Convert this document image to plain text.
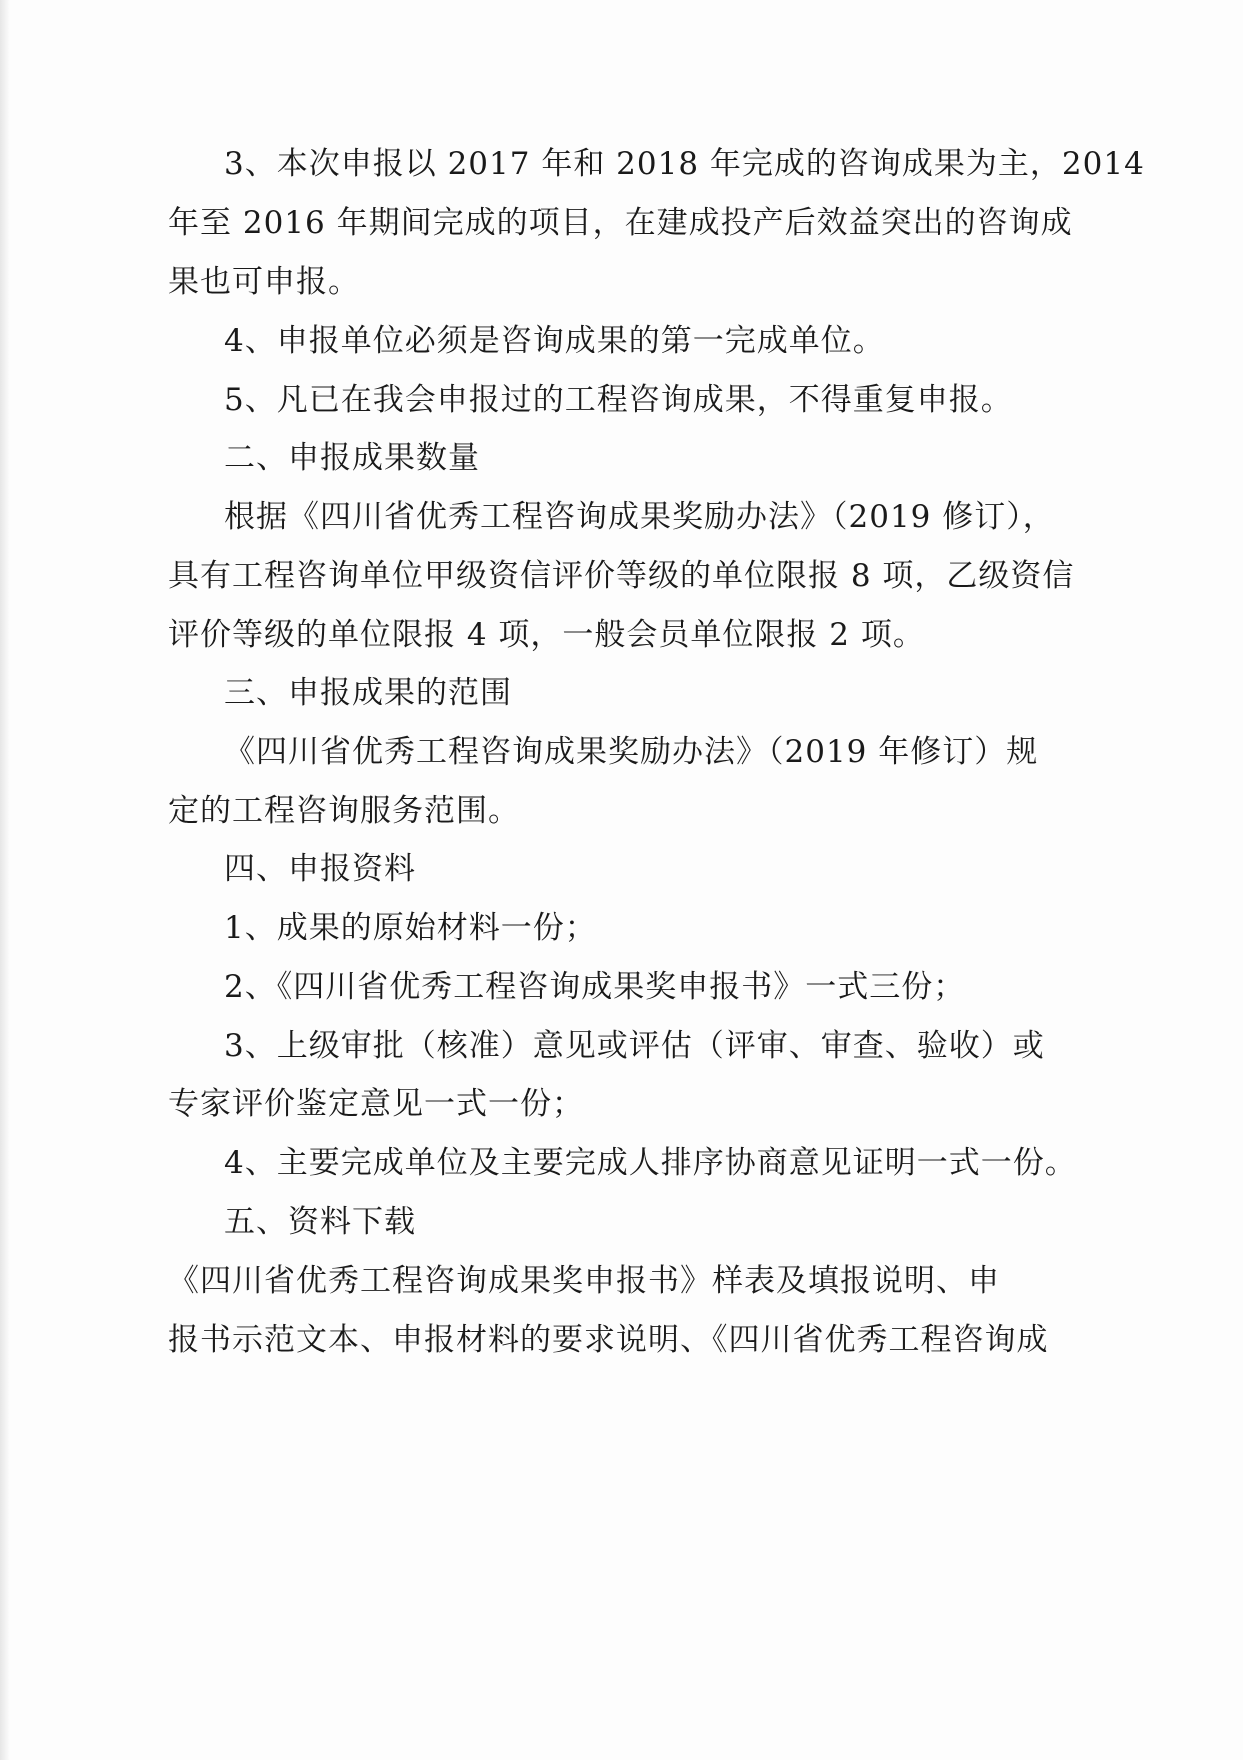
3、本次申报以 2017 年和 2018 年完成的咨询成果为主，2014
年至 2016 年期间完成的项目，在建成投产后效益突出的咨询成
果也可申报。
4、申报单位必须是咨询成果的第一完成单位。
5、凡已在我会申报过的工程咨询成果，不得重复申报。
二、申报成果数量
根据《四川省优秀工程咨询成果奖励办法》（2019 修订），
具有工程咨询单位甲级资信评价等级的单位限报 8 项，乙级资信
评价等级的单位限报 4 项，一般会员单位限报 2 项。
三、申报成果的范围
《四川省优秀工程咨询成果奖励办法》（2019 年修订）规
定的工程咨询服务范围。
四、申报资料
1、成果的原始材料一份；
2、《四川省优秀工程咨询成果奖申报书》一式三份；
3、上级审批（核准）意见或评估（评审、审查、验收）或
专家评价鉴定意见一式一份；
4、主要完成单位及主要完成人排序协商意见证明一式一份。
五、资料下载
《四川省优秀工程咨询成果奖申报书》样表及填报说明、申
报书示范文本、申报材料的要求说明、《四川省优秀工程咨询成
